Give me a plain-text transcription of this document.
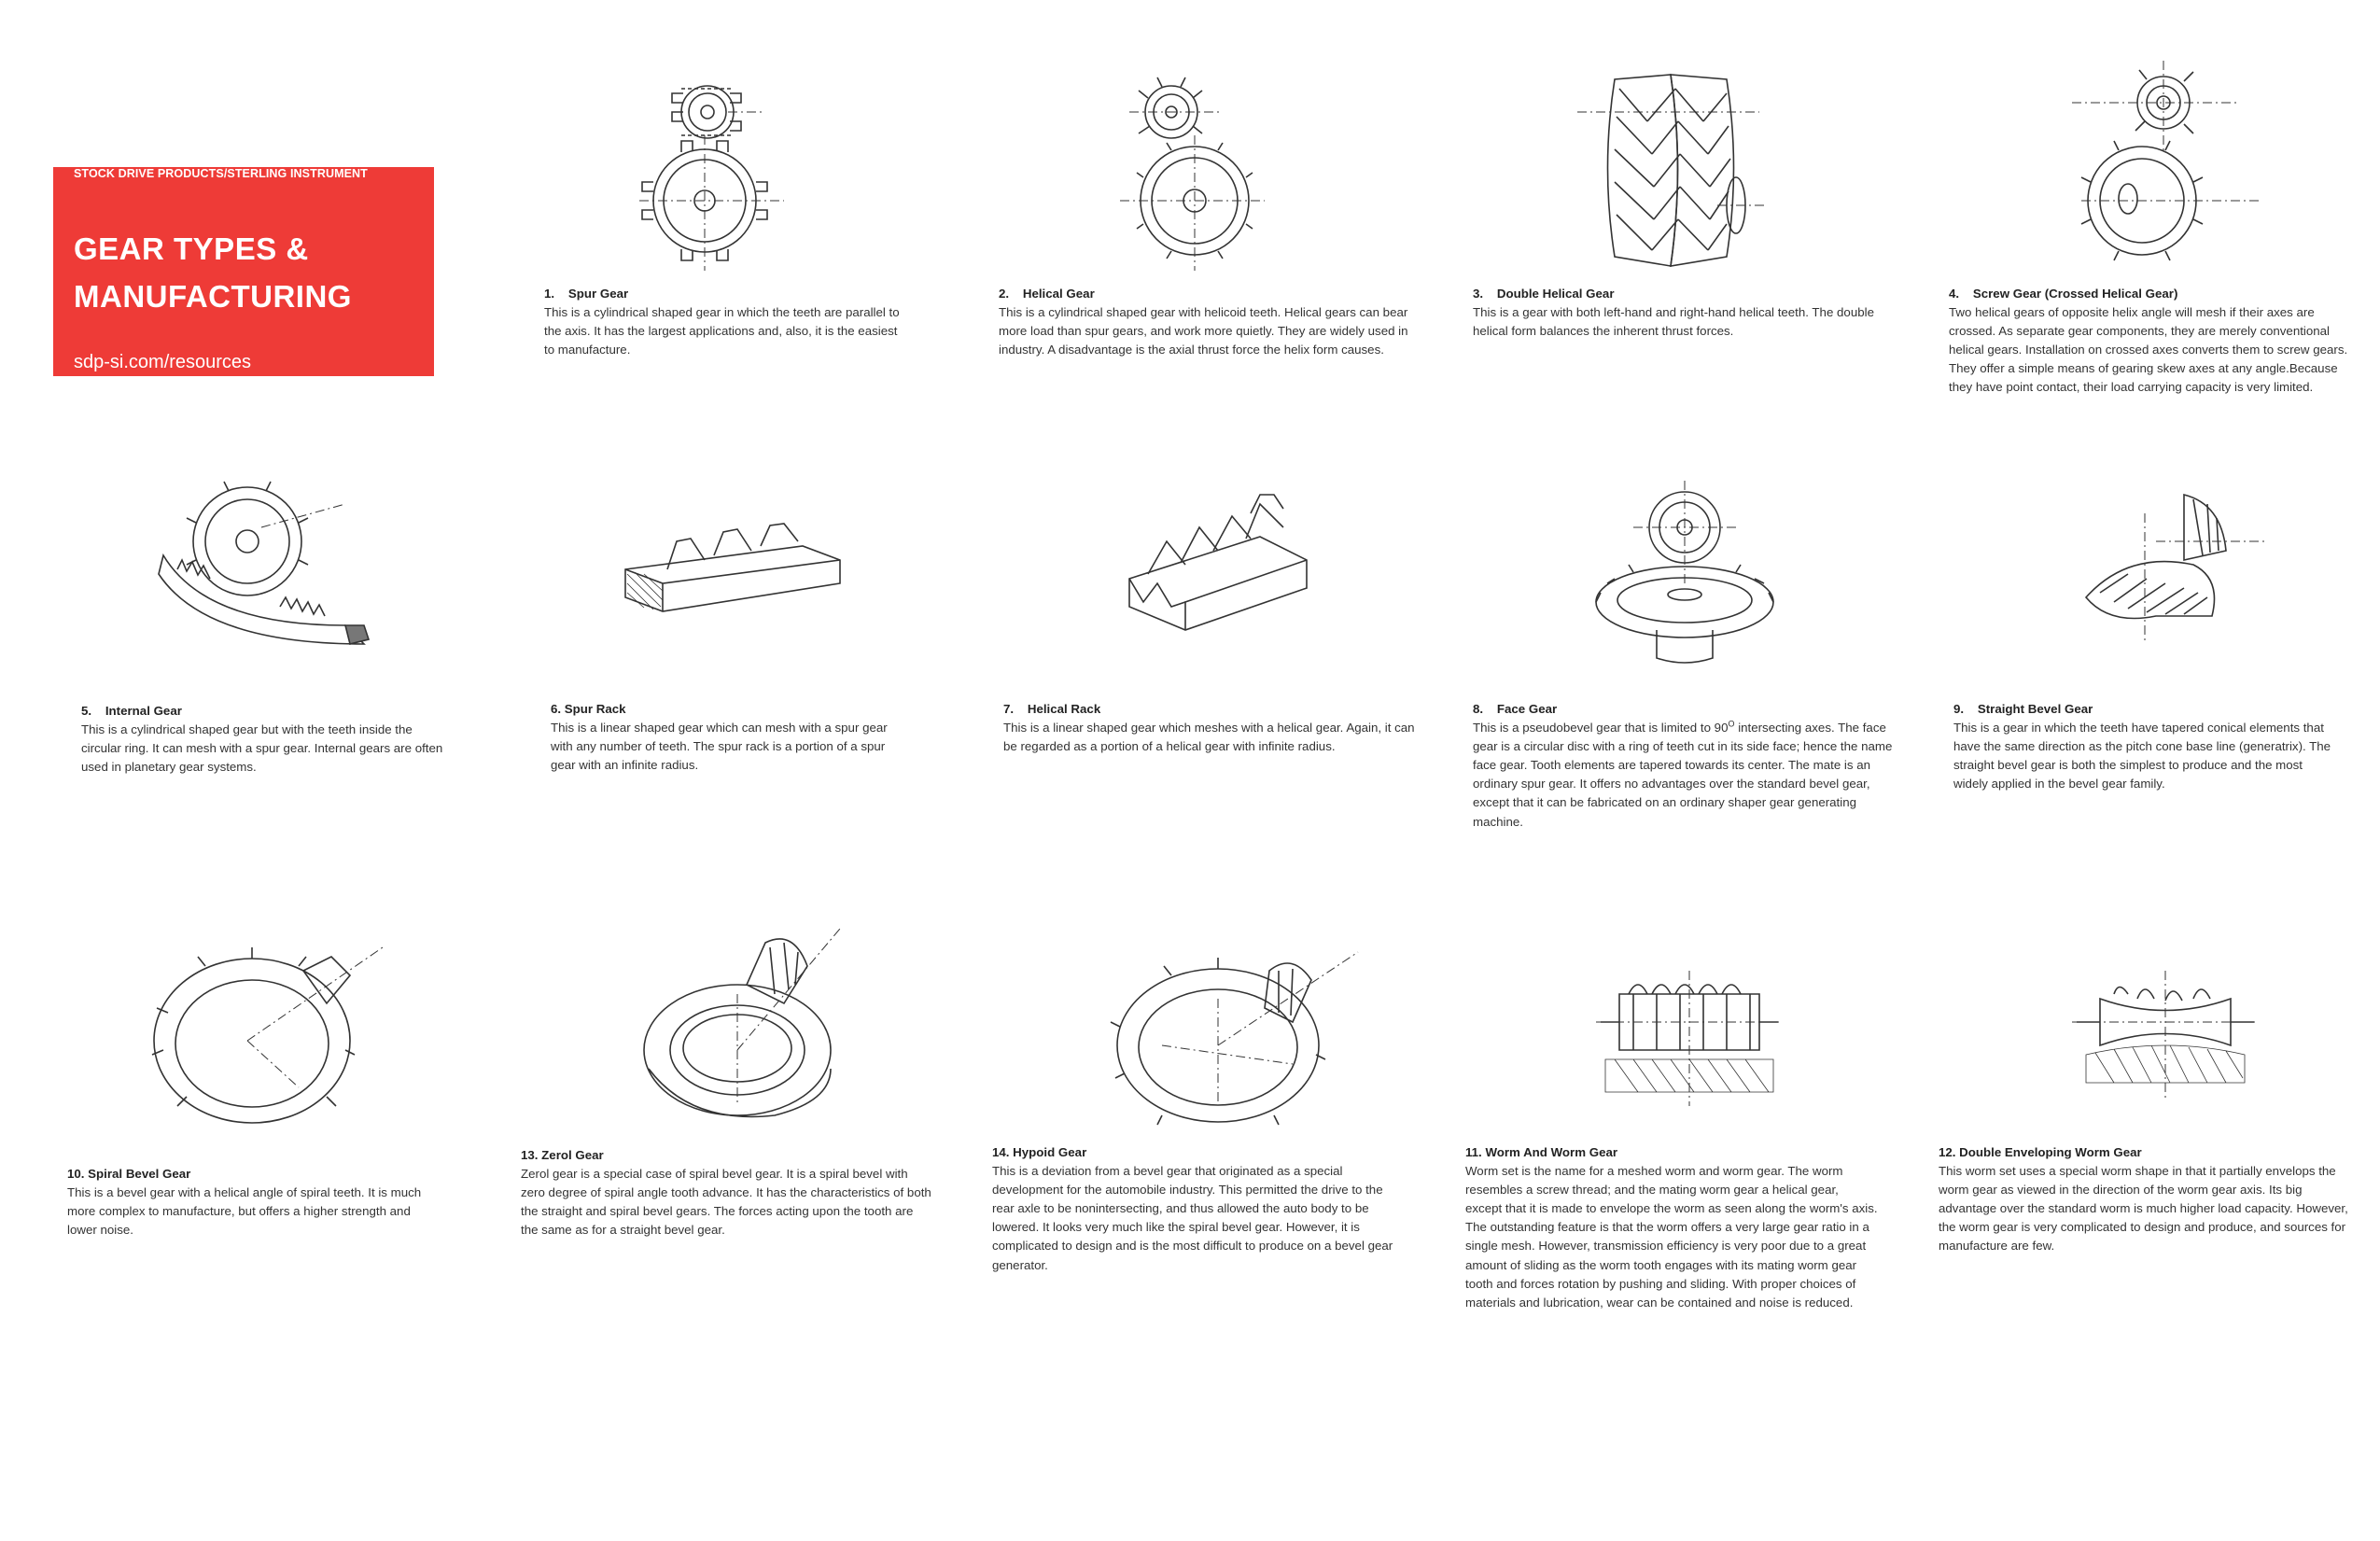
STOCK DRIVE PRODUCTS/STERLING INSTRUMENT
GEAR TYPES &
MANUFACTURING
sdp-si.com/resources
1.    Spur Gear
This is a cylindrical shaped gear in which the teeth are parallel to
the axis. It has the largest applications and, also, it is the easiest
to manufacture.
2.    Helical Gear
This is a cylindrical shaped gear with helicoid teeth. Helical gears can bear
more load than spur gears, and work more quietly. They are widely used in
industry. A disadvantage is the axial thrust force the helix form causes.
3.    Double Helical Gear
This is a gear with both left-hand and right-hand helical teeth. The double
helical form balances the inherent thrust forces.
4.    Screw Gear (Crossed Helical Gear)
Two helical gears of opposite helix angle will mesh if their axes are
crossed. As separate gear components, they are merely conventional
helical gears. Installation on crossed axes converts them to screw gears.
They offer a simple means of gearing skew axes at any angle.Because
they have point contact, their load carrying capacity is very limited.
5.    Internal Gear
This is a cylindrical shaped gear but with the teeth inside the
circular ring. It can mesh with a spur gear. Internal gears are often
used in planetary gear systems.
6. Spur Rack
This is a linear shaped gear which can mesh with a spur gear
with any number of teeth. The spur rack is a portion of a spur
gear with an infinite radius.
7.    Helical Rack
This is a linear shaped gear which meshes with a helical gear. Again, it can
be regarded as a portion of a helical gear with infinite radius.
8.    Face Gear
This is a pseudobevel gear that is limited to $90^O$ intersecting axes. The face
gear is a circular disc with a ring of teeth cut in its side face; hence the name
face gear. Tooth elements are tapered towards its center. The mate is an
ordinary spur gear. It offers no advantages over the standard bevel gear,
except that it can be fabricated on an ordinary shaper gear generating
machine.
9.    Straight Bevel Gear
This is a gear in which the teeth have tapered conical elements that
have the same direction as the pitch cone base line (generatrix). The
straight bevel gear is both the simplest to produce and the most
widely applied in the bevel gear family.
10. Spiral Bevel Gear
This is a bevel gear with a helical angle of spiral teeth. It is much
more complex to manufacture, but offers a higher strength and
lower noise.
13. Zerol Gear
Zerol gear is a special case of spiral bevel gear. It is a spiral bevel with
zero degree of spiral angle tooth advance. It has the characteristics of both
the straight and spiral bevel gears. The forces acting upon the tooth are
the same as for a straight bevel gear.
14. Hypoid Gear
This is a deviation from a bevel gear that originated as a special
development for the automobile industry. This permitted the drive to the
rear axle to be nonintersecting, and thus allowed the auto body to be
lowered. It looks very much like the spiral bevel gear. However, it is
complicated to design and is the most difficult to produce on a bevel gear
generator.
11. Worm And Worm Gear
Worm set is the name for a meshed worm and worm gear. The worm
resembles a screw thread; and the mating worm gear a helical gear,
except that it is made to envelope the worm as seen along the worm's axis.
The outstanding feature is that the worm offers a very large gear ratio in a
single mesh. However, transmission efficiency is very poor due to a great
amount of sliding as the worm tooth engages with its mating worm gear
tooth and forces rotation by pushing and sliding. With proper choices of
materials and lubrication, wear can be contained and noise is reduced.
12. Double Enveloping Worm Gear
This worm set uses a special worm shape in that it partially envelops the
worm gear as viewed in the direction of the worm gear axis. Its big
advantage over the standard worm is much higher load capacity. However,
the worm gear is very complicated to design and produce, and sources for
manufacture are few.
